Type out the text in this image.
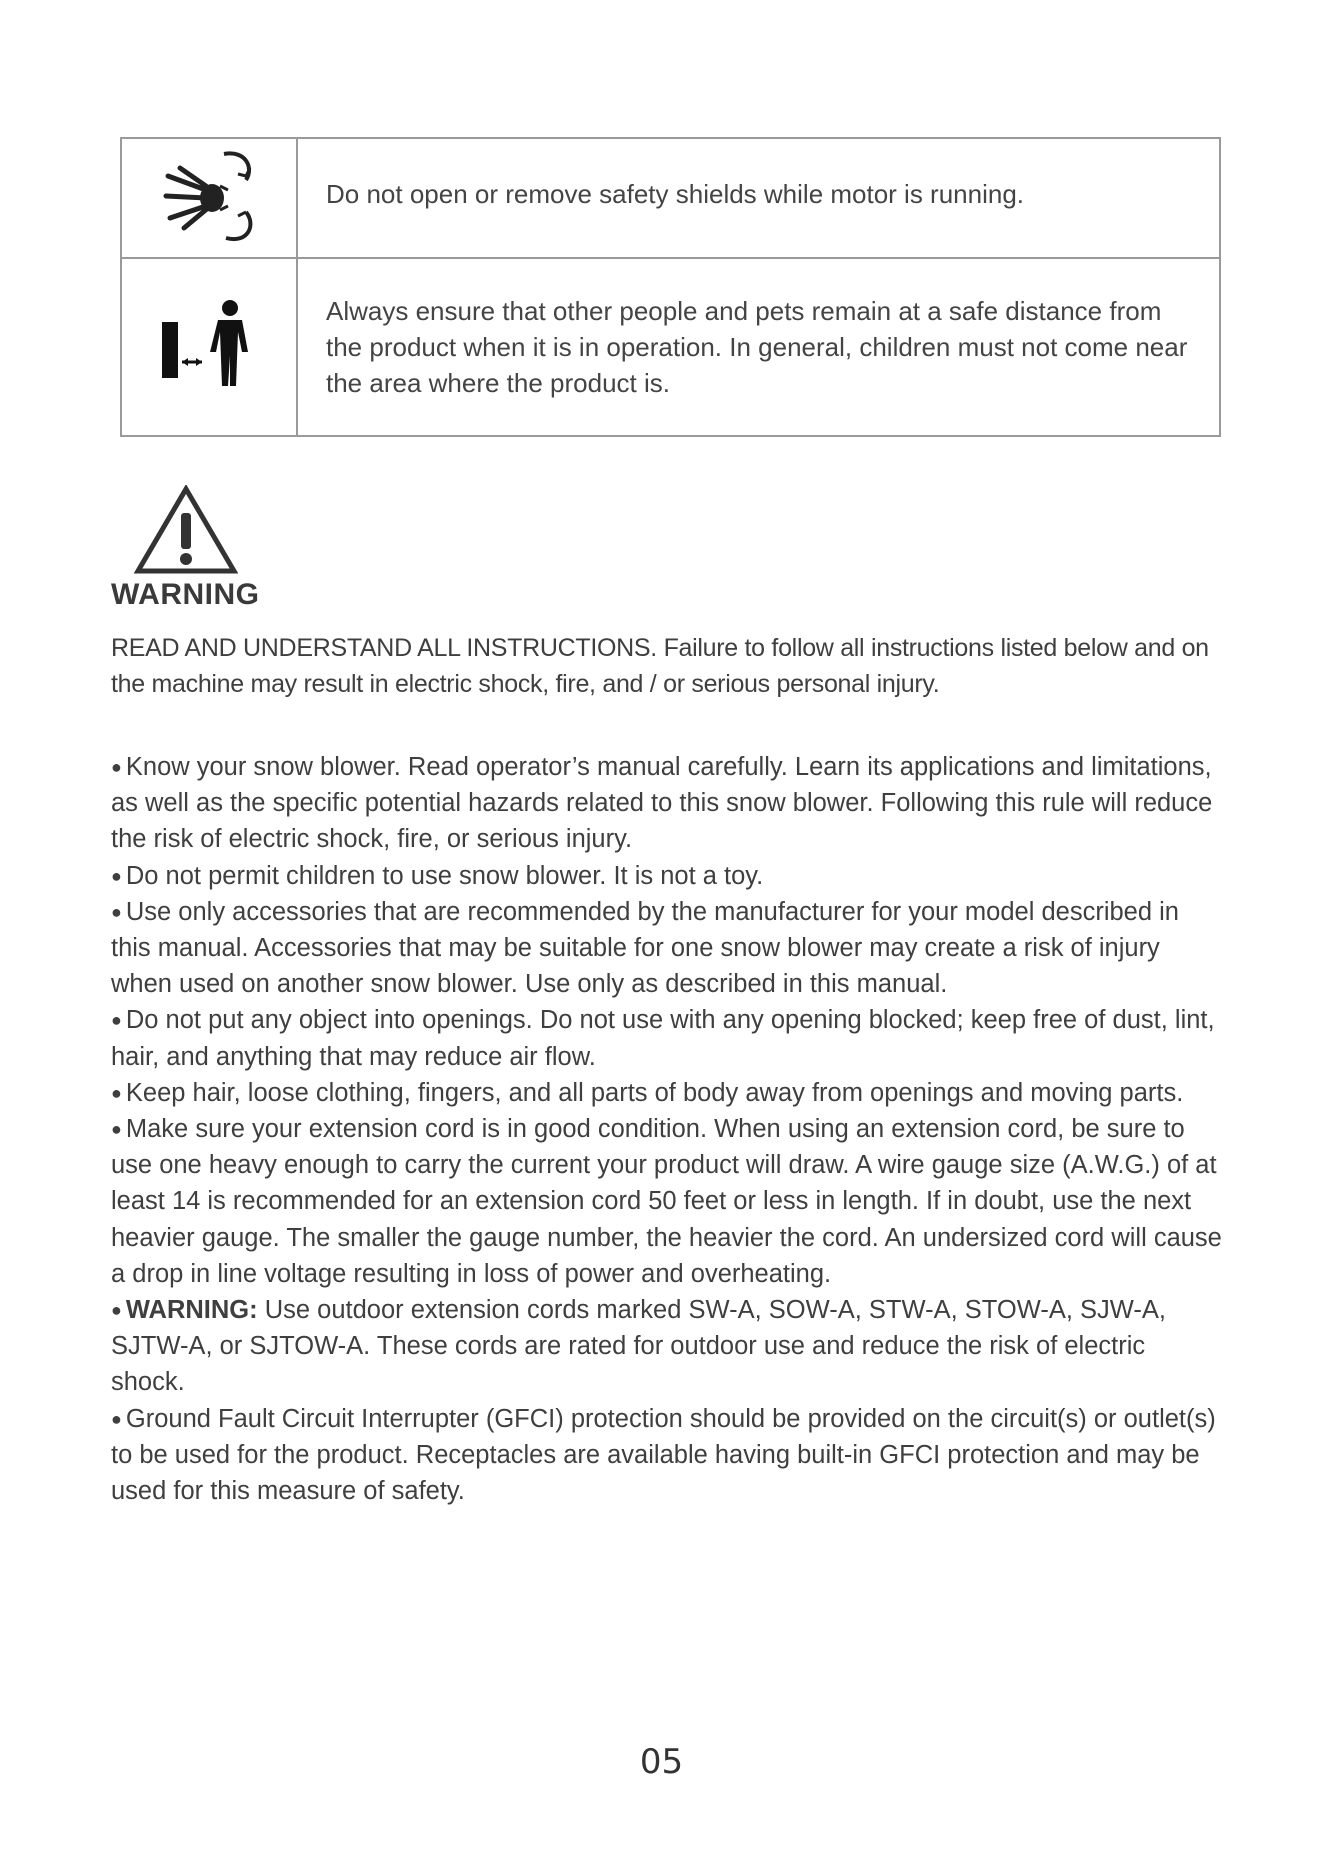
	Do not open or remove safety shields while motor is running.
	Always ensure that other people and pets remain at a safe distance from the product when it is in operation. In general, children must not come near the area where the product is.
WARNING
READ AND UNDERSTAND ALL INSTRUCTIONS. Failure to follow all instructions listed below and on the machine may result in electric shock, fire, and / or serious personal injury.

● Know your snow blower. Read operator’s manual carefully. Learn its applications and limitations, as well as the specific potential hazards related to this snow blower. Following this rule will reduce the risk of electric shock, fire, or serious injury.

● Do not permit children to use snow blower. It is not a toy.

● Use only accessories that are recommended by the manufacturer for your model described in this manual. Accessories that may be suitable for one snow blower may create a risk of injury when used on another snow blower. Use only as described in this manual.

● Do not put any object into openings. Do not use with any opening blocked; keep free of dust, lint, hair, and anything that may reduce air flow.

● Keep hair, loose clothing, fingers, and all parts of body away from openings and moving parts.

● Make sure your extension cord is in good condition. When using an extension cord, be sure to use one heavy enough to carry the current your product will draw. A wire gauge size (A.W.G.) of at least 14 is recommended for an extension cord 50 feet or less in length. If in doubt, use the next heavier gauge. The smaller the gauge number, the heavier the cord. An undersized cord will cause a drop in line voltage resulting in loss of power and overheating.

● WARNING: Use outdoor extension cords marked SW-A, SOW-A, STW-A, STOW-A, SJW-A, SJTW-A, or SJTOW-A. These cords are rated for outdoor use and reduce the risk of electric shock.

● Ground Fault Circuit Interrupter (GFCI) protection should be provided on the circuit(s) or outlet(s) to be used for the product. Receptacles are available having built-in GFCI protection and may be used for this measure of safety.

05
